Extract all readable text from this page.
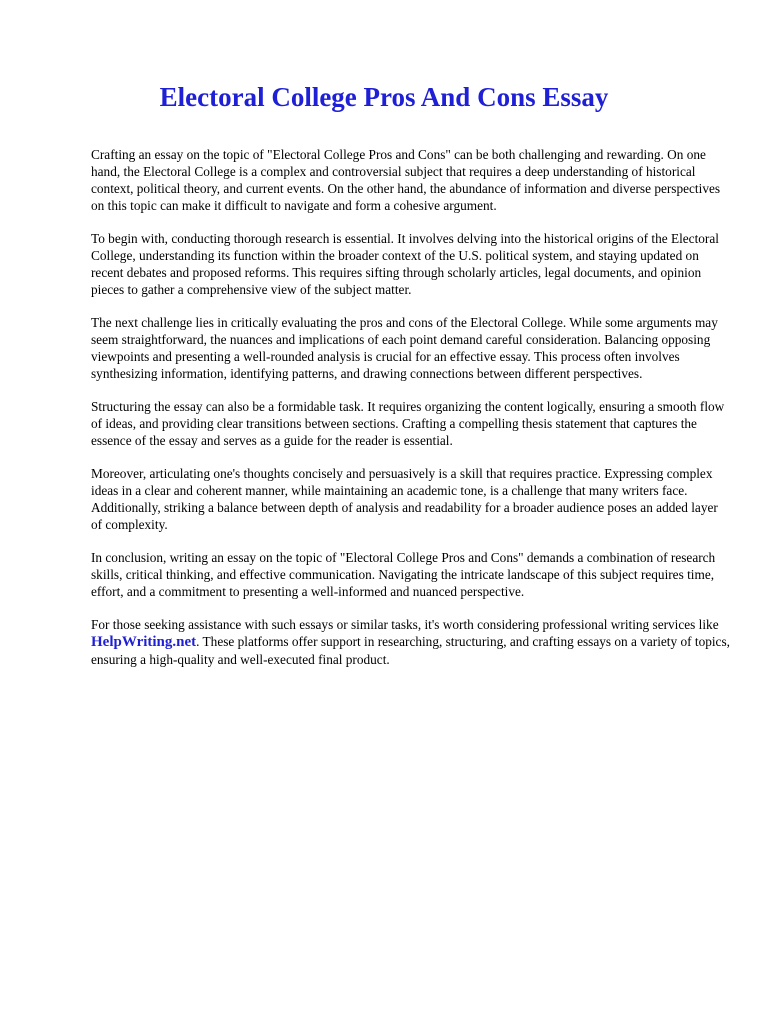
Electoral College Pros And Cons Essay

Crafting an essay on the topic of "Electoral College Pros and Cons" can be both challenging and rewarding. On one hand, the Electoral College is a complex and controversial subject that requires a deep understanding of historical context, political theory, and current events. On the other hand, the abundance of information and diverse perspectives on this topic can make it difficult to navigate and form a cohesive argument.

To begin with, conducting thorough research is essential. It involves delving into the historical origins of the Electoral College, understanding its function within the broader context of the U.S. political system, and staying updated on recent debates and proposed reforms. This requires sifting through scholarly articles, legal documents, and opinion pieces to gather a comprehensive view of the subject matter.

The next challenge lies in critically evaluating the pros and cons of the Electoral College. While some arguments may seem straightforward, the nuances and implications of each point demand careful consideration. Balancing opposing viewpoints and presenting a well-rounded analysis is crucial for an effective essay. This process often involves synthesizing information, identifying patterns, and drawing connections between different perspectives.

Structuring the essay can also be a formidable task. It requires organizing the content logically, ensuring a smooth flow of ideas, and providing clear transitions between sections. Crafting a compelling thesis statement that captures the essence of the essay and serves as a guide for the reader is essential.

Moreover, articulating one's thoughts concisely and persuasively is a skill that requires practice. Expressing complex ideas in a clear and coherent manner, while maintaining an academic tone, is a challenge that many writers face. Additionally, striking a balance between depth of analysis and readability for a broader audience poses an added layer of complexity.

In conclusion, writing an essay on the topic of "Electoral College Pros and Cons" demands a combination of research skills, critical thinking, and effective communication. Navigating the intricate landscape of this subject requires time, effort, and a commitment to presenting a well-informed and nuanced perspective.

For those seeking assistance with such essays or similar tasks, it's worth considering professional writing services like HelpWriting.net. These platforms offer support in researching, structuring, and crafting essays on a variety of topics, ensuring a high-quality and well-executed final product.
